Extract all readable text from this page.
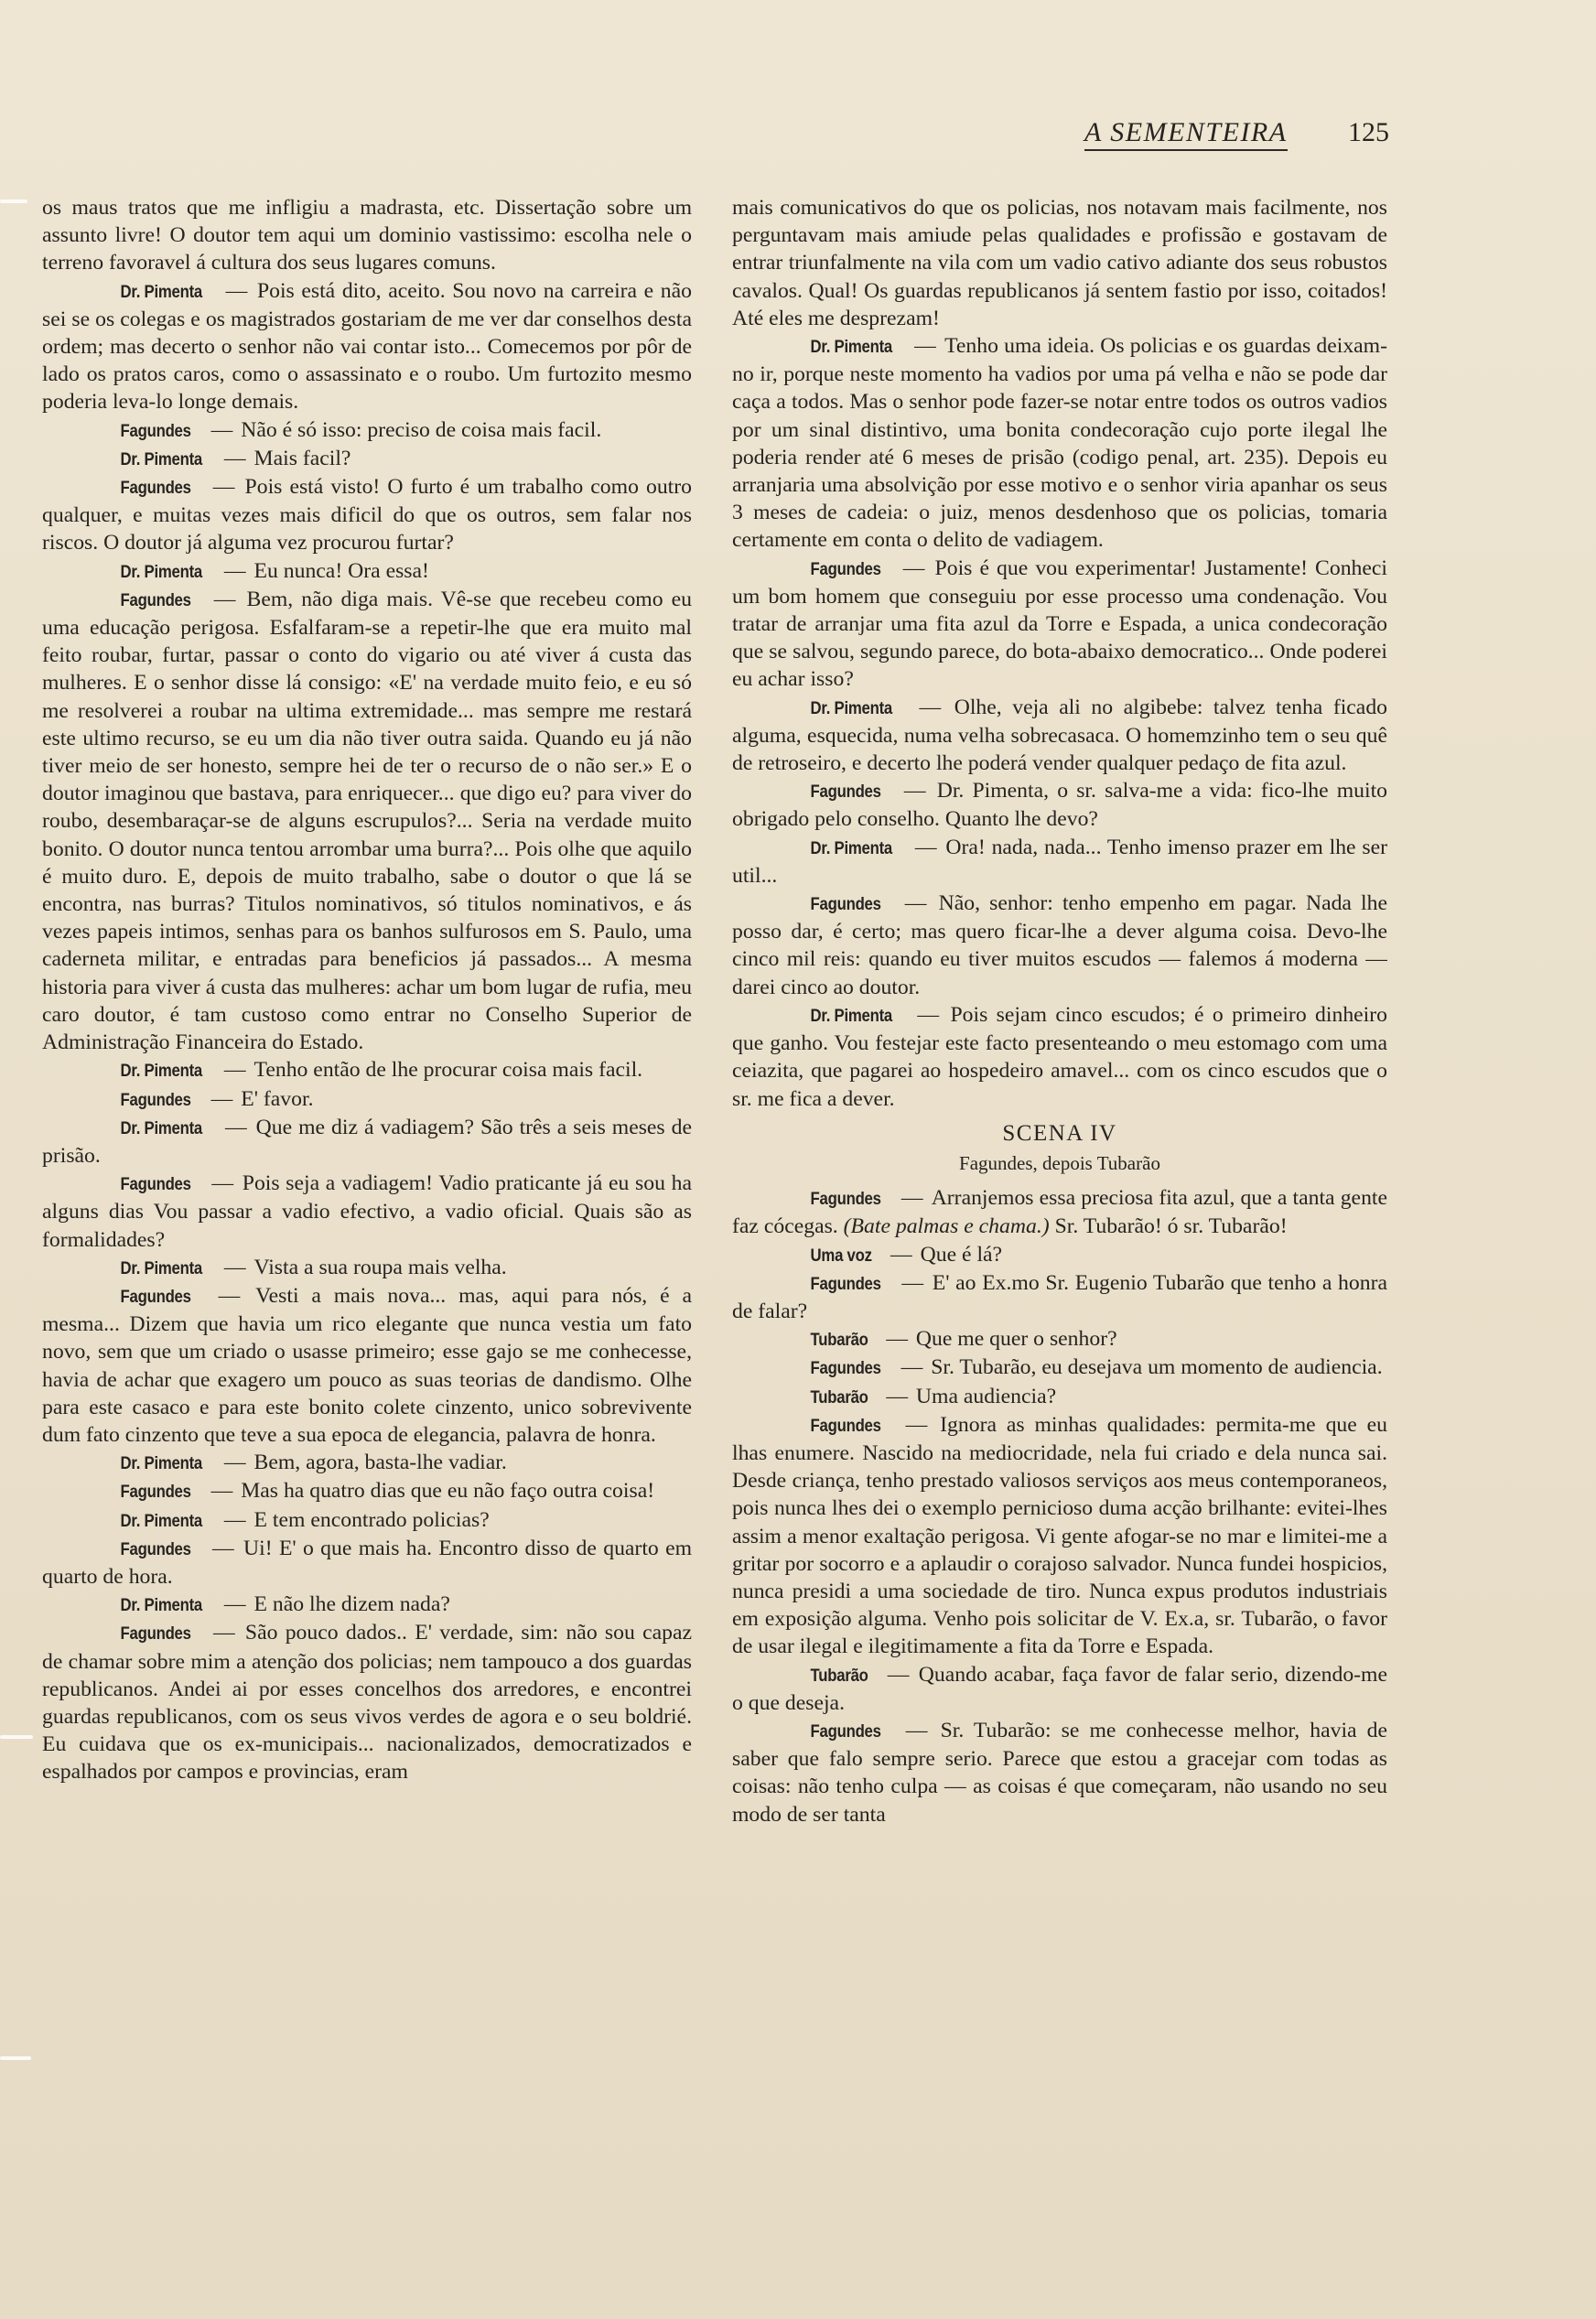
A SEMENTEIRA 125

os maus tratos que me infligiu a madrasta, etc. Dissertação sobre um assunto livre! O doutor tem aqui um dominio vastissimo: escolha nele o terreno favoravel á cultura dos seus lugares comuns.

Dr. Pimenta — Pois está dito, aceito. Sou novo na carreira e não sei se os colegas e os magistrados gostariam de me ver dar conselhos desta ordem; mas decerto o senhor não vai contar isto... Comecemos por pôr de lado os pratos caros, como o assassinato e o roubo. Um furtozito mesmo poderia leva-lo longe demais.

Fagundes — Não é só isso: preciso de coisa mais facil.

Dr. Pimenta — Mais facil?

Fagundes — Pois está visto! O furto é um trabalho como outro qualquer, e muitas vezes mais dificil do que os outros, sem falar nos riscos. O doutor já alguma vez procurou furtar?

Dr. Pimenta — Eu nunca! Ora essa!

Fagundes — Bem, não diga mais. Vê-se que recebeu como eu uma educação perigosa. Esfalfaram-se a repetir-lhe que era muito mal feito roubar, furtar, passar o conto do vigario ou até viver á custa das mulheres. E o senhor disse lá consigo: «E' na verdade muito feio, e eu só me resolverei a roubar na ultima extremidade... mas sempre me restará este ultimo recurso, se eu um dia não tiver outra saida. Quando eu já não tiver meio de ser honesto, sempre hei de ter o recurso de o não ser.» E o doutor imaginou que bastava, para enriquecer... que digo eu? para viver do roubo, desembaraçar-se de alguns escrupulos?... Seria na verdade muito bonito. O doutor nunca tentou arrombar uma burra?... Pois olhe que aquilo é muito duro. E, depois de muito trabalho, sabe o doutor o que lá se encontra, nas burras? Titulos nominativos, só titulos nominativos, e ás vezes papeis intimos, senhas para os banhos sulfurosos em S. Paulo, uma caderneta militar, e entradas para beneficios já passados... A mesma historia para viver á custa das mulheres: achar um bom lugar de rufia, meu caro doutor, é tam custoso como entrar no Conselho Superior de Administração Financeira do Estado.

Dr. Pimenta — Tenho então de lhe procurar coisa mais facil.

Fagundes — E' favor.

Dr. Pimenta — Que me diz á vadiagem? São três a seis meses de prisão.

Fagundes — Pois seja a vadiagem! Vadio praticante já eu sou ha alguns dias Vou passar a vadio efectivo, a vadio oficial. Quais são as formalidades?

Dr. Pimenta — Vista a sua roupa mais velha.

Fagundes — Vesti a mais nova... mas, aqui para nós, é a mesma... Dizem que havia um rico elegante que nunca vestia um fato novo, sem que um criado o usasse primeiro; esse gajo se me conhecesse, havia de achar que exagero um pouco as suas teorias de dandismo. Olhe para este casaco e para este bonito colete cinzento, unico sobrevivente dum fato cinzento que teve a sua epoca de elegancia, palavra de honra.

Dr. Pimenta — Bem, agora, basta-lhe vadiar.

Fagundes — Mas ha quatro dias que eu não faço outra coisa!

Dr. Pimenta — E tem encontrado policias?

Fagundes — Ui! E' o que mais ha. Encontro disso de quarto em quarto de hora.

Dr. Pimenta — E não lhe dizem nada?

Fagundes — São pouco dados.. E' verdade, sim: não sou capaz de chamar sobre mim a atenção dos policias; nem tampouco a dos guardas republicanos. Andei ai por esses concelhos dos arredores, e encontrei guardas republicanos, com os seus vivos verdes de agora e o seu boldrié. Eu cuidava que os ex-municipais... nacionalizados, democratizados e espalhados por campos e provincias, eram

mais comunicativos do que os policias, nos notavam mais facilmente, nos perguntavam mais amiude pelas qualidades e profissão e gostavam de entrar triunfalmente na vila com um vadio cativo adiante dos seus robustos cavalos. Qual! Os guardas republicanos já sentem fastio por isso, coitados! Até eles me desprezam!

Dr. Pimenta — Tenho uma ideia. Os policias e os guardas deixam-no ir, porque neste momento ha vadios por uma pá velha e não se pode dar caça a todos. Mas o senhor pode fazer-se notar entre todos os outros vadios por um sinal distintivo, uma bonita condecoração cujo porte ilegal lhe poderia render até 6 meses de prisão (codigo penal, art. 235). Depois eu arranjaria uma absolvição por esse motivo e o senhor viria apanhar os seus 3 meses de cadeia: o juiz, menos desdenhoso que os policias, tomaria certamente em conta o delito de vadiagem.

Fagundes — Pois é que vou experimentar! Justamente! Conheci um bom homem que conseguiu por esse processo uma condenação. Vou tratar de arranjar uma fita azul da Torre e Espada, a unica condecoração que se salvou, segundo parece, do bota-abaixo democratico... Onde poderei eu achar isso?

Dr. Pimenta — Olhe, veja ali no algibebe: talvez tenha ficado alguma, esquecida, numa velha sobrecasaca. O homemzinho tem o seu quê de retroseiro, e decerto lhe poderá vender qualquer pedaço de fita azul.

Fagundes — Dr. Pimenta, o sr. salva-me a vida: fico-lhe muito obrigado pelo conselho. Quanto lhe devo?

Dr. Pimenta — Ora! nada, nada... Tenho imenso prazer em lhe ser util...

Fagundes — Não, senhor: tenho empenho em pagar. Nada lhe posso dar, é certo; mas quero ficar-lhe a dever alguma coisa. Devo-lhe cinco mil reis: quando eu tiver muitos escudos — falemos á moderna — darei cinco ao doutor.

Dr. Pimenta — Pois sejam cinco escudos; é o primeiro dinheiro que ganho. Vou festejar este facto presenteando o meu estomago com uma ceiazita, que pagarei ao hospedeiro amavel... com os cinco escudos que o sr. me fica a dever.

SCENA IV
Fagundes, depois Tubarão

Fagundes — Arranjemos essa preciosa fita azul, que a tanta gente faz cócegas. (Bate palmas e chama.) Sr. Tubarão! ó sr. Tubarão!

Uma voz — Que é lá?

Fagundes — E' ao Ex.mo Sr. Eugenio Tubarão que tenho a honra de falar?

Tubarão — Que me quer o senhor?

Fagundes — Sr. Tubarão, eu desejava um momento de audiencia.

Tubarão — Uma audiencia?

Fagundes — Ignora as minhas qualidades: permita-me que eu lhas enumere. Nascido na mediocridade, nela fui criado e dela nunca sai. Desde criança, tenho prestado valiosos serviços aos meus contemporaneos, pois nunca lhes dei o exemplo pernicioso duma acção brilhante: evitei-lhes assim a menor exaltação perigosa. Vi gente afogar-se no mar e limitei-me a gritar por socorro e a aplaudir o corajoso salvador. Nunca fundei hospicios, nunca presidi a uma sociedade de tiro. Nunca expus produtos industriais em exposição alguma. Venho pois solicitar de V. Ex.a, sr. Tubarão, o favor de usar ilegal e ilegitimamente a fita da Torre e Espada.

Tubarão — Quando acabar, faça favor de falar serio, dizendo-me o que deseja.

Fagundes — Sr. Tubarão: se me conhecesse melhor, havia de saber que falo sempre serio. Parece que estou a gracejar com todas as coisas: não tenho culpa — as coisas é que começaram, não usando no seu modo de ser tanta
